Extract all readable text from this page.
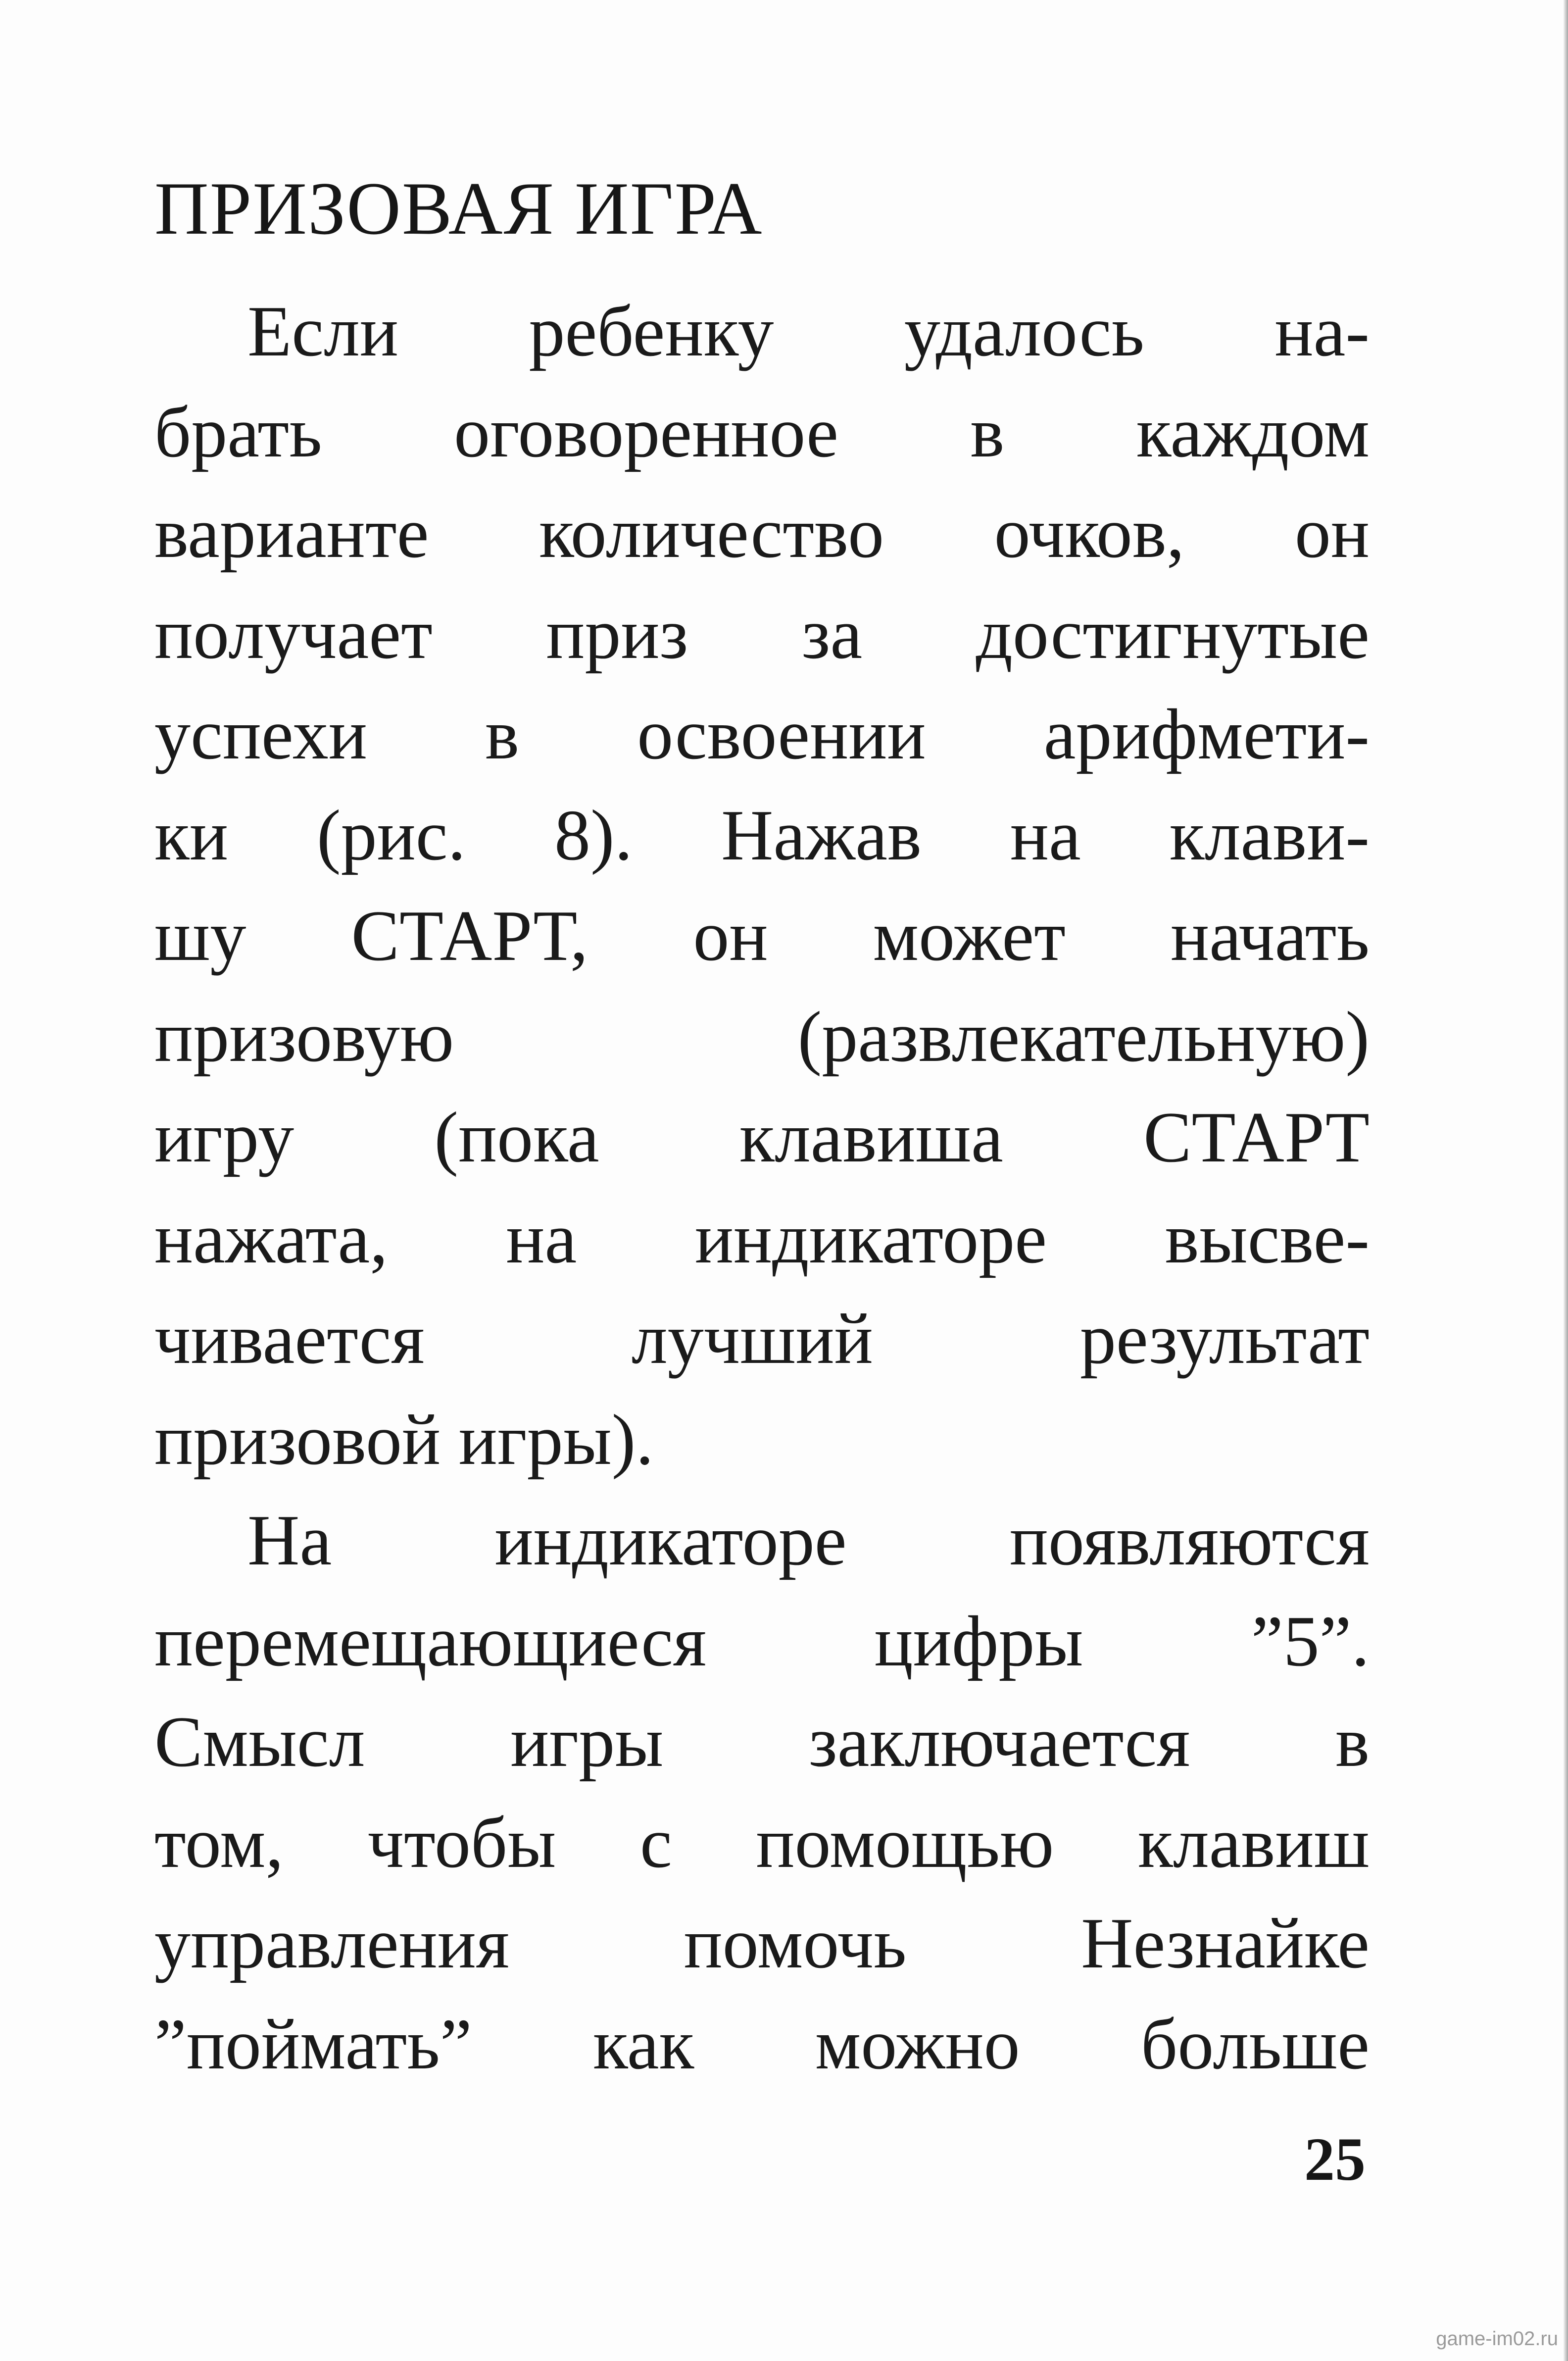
ПРИЗОВАЯ ИГРА
Если ребенку удалось на-
брать оговоренное в каждом
варианте количество очков, он
получает приз за достигнутые
успехи в освоении арифмети-
ки (рис. 8). Нажав на клави-
шу СТАРТ, он может начать
призовую (развлекательную)
игру (пока клавиша СТАРТ
нажата, на индикаторе высве-
чивается лучший результат
призовой игры).
На индикаторе появляются
перемещающиеся цифры ”5”.
Смысл игры заключается в
том, чтобы с помощью клавиш
управления помочь Незнайке
”поймать” как можно больше
25
game-im02.ru
